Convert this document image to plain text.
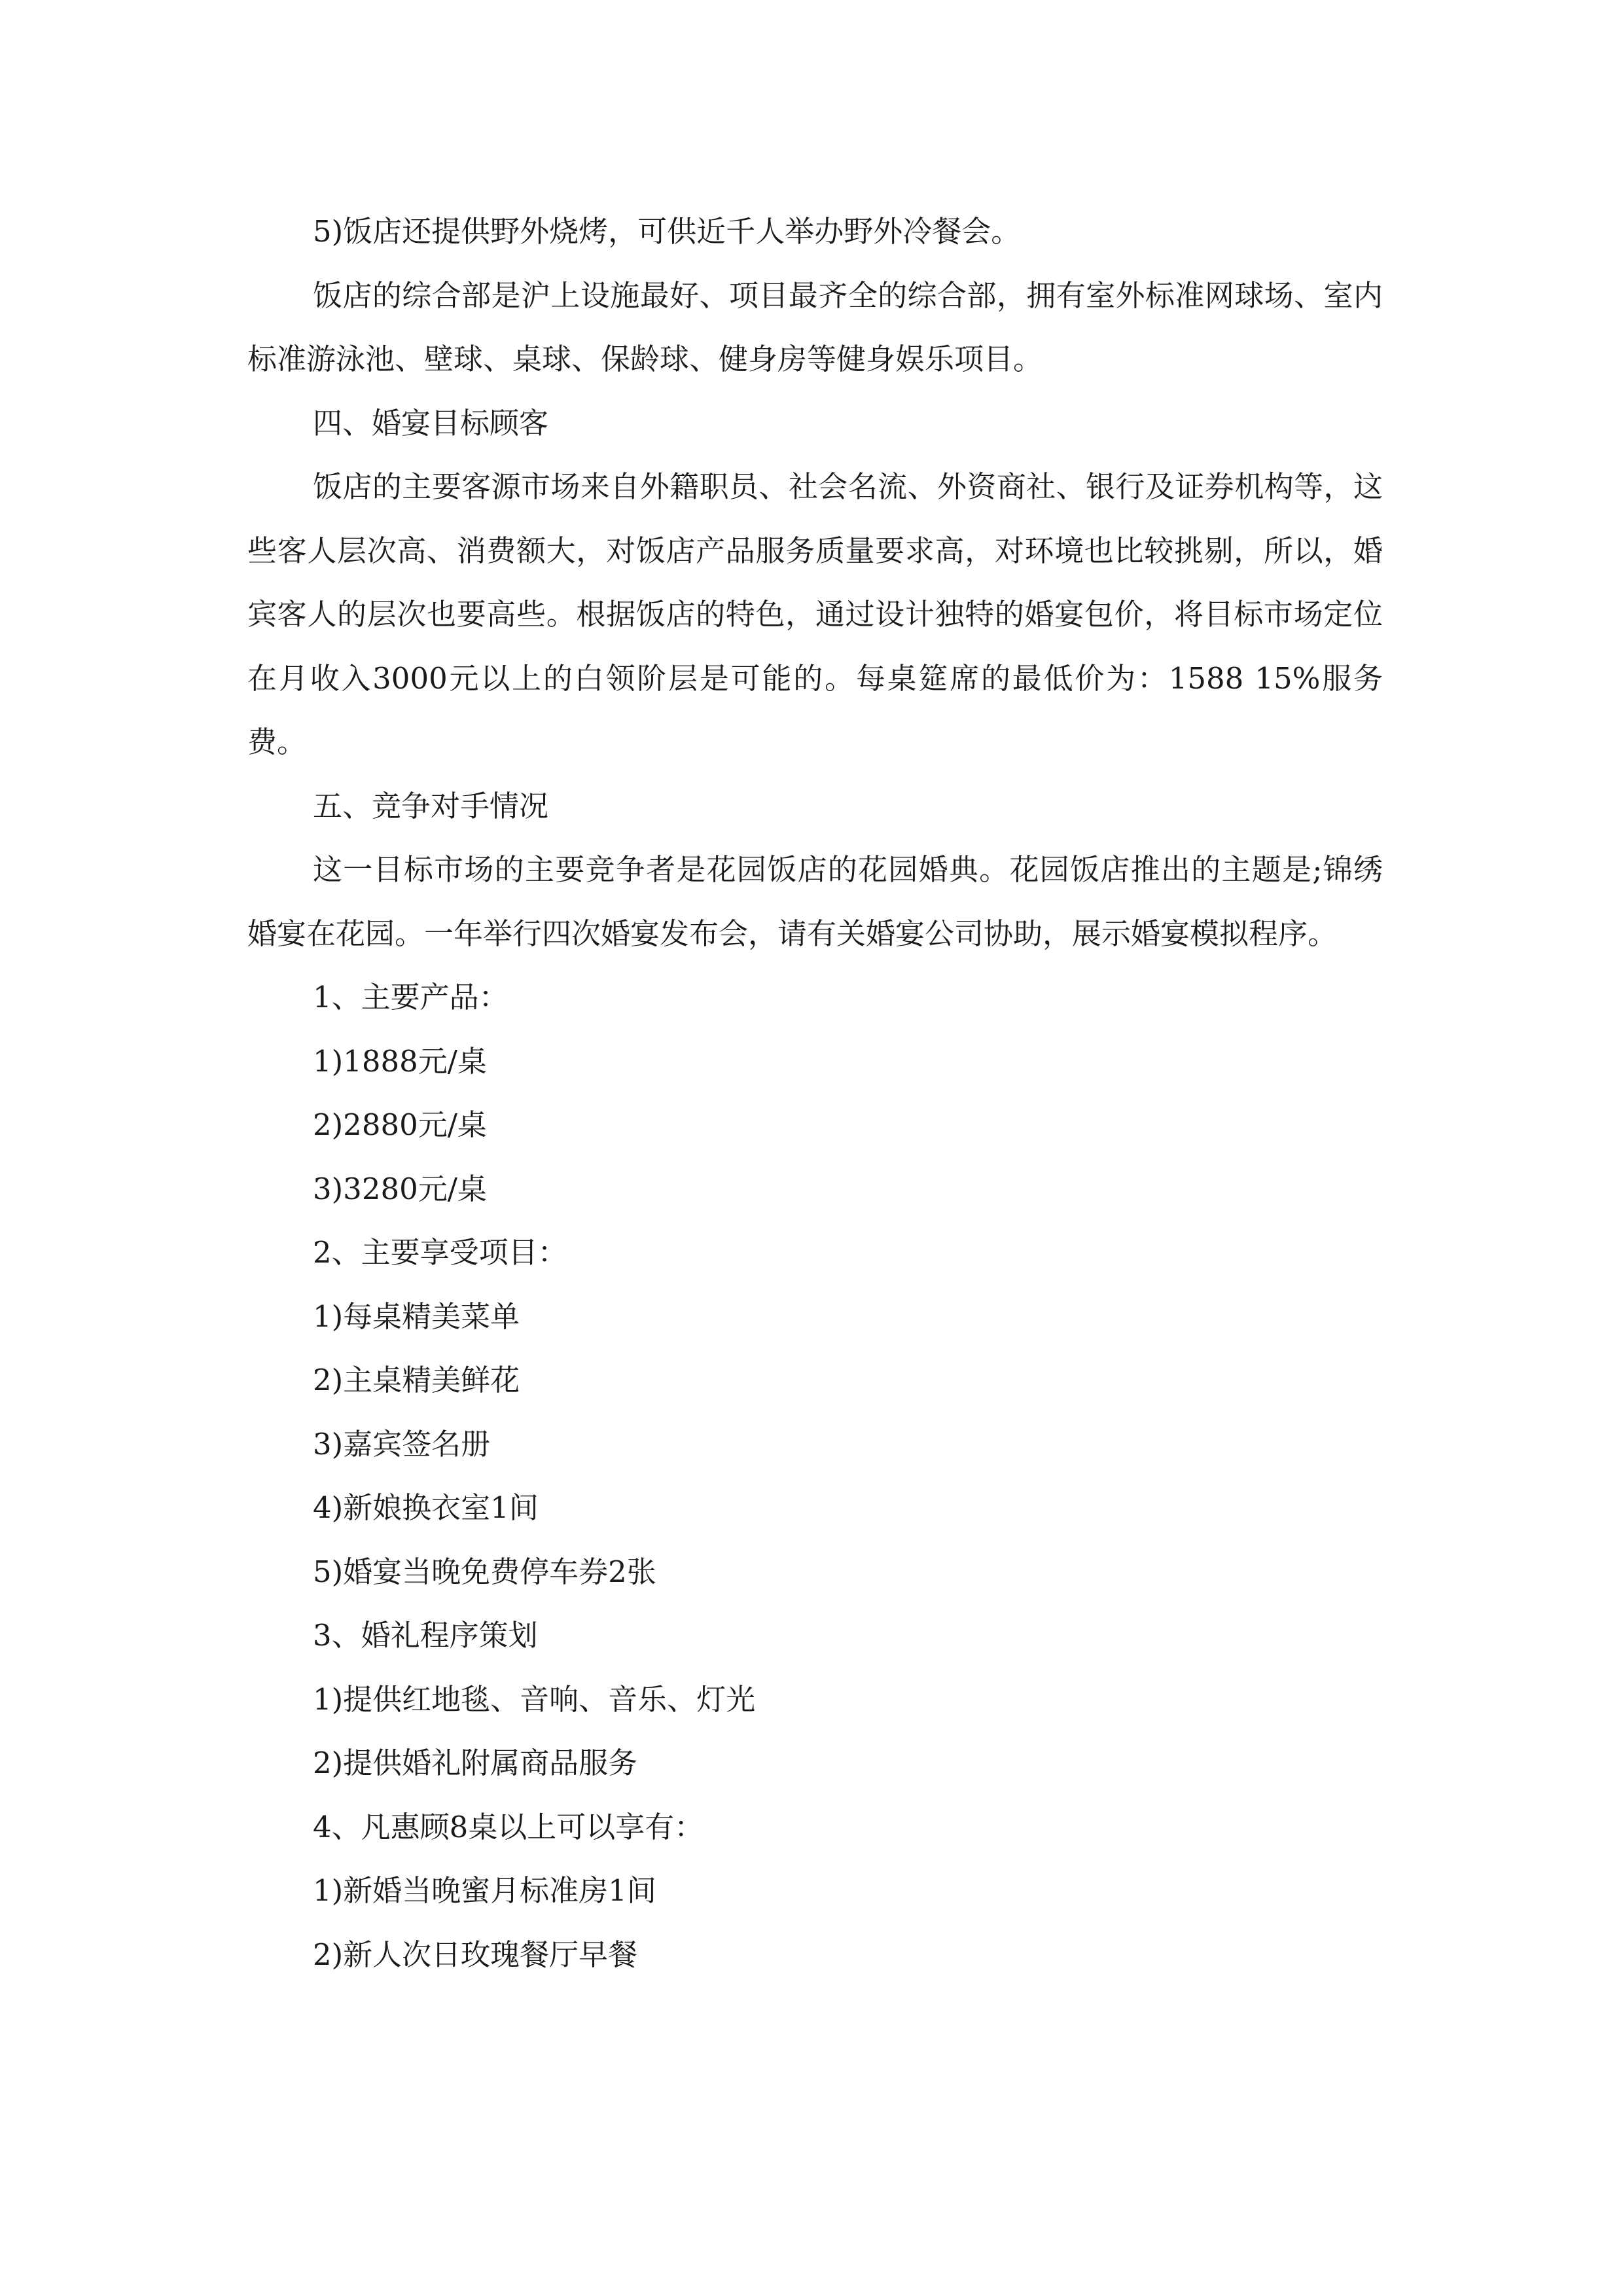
5)饭店还提供野外烧烤，可供近千人举办野外冷餐会。

饭店的综合部是沪上设施最好、项目最齐全的综合部，拥有室外标准网球场、室内标准游泳池、壁球、桌球、保龄球、健身房等健身娱乐项目。

四、婚宴目标顾客

饭店的主要客源市场来自外籍职员、社会名流、外资商社、银行及证券机构等，这些客人层次高、消费额大，对饭店产品服务质量要求高，对环境也比较挑剔，所以，婚宾客人的层次也要高些。根据饭店的特色，通过设计独特的婚宴包价，将目标市场定位在月收入3000元以上的白领阶层是可能的。每桌筵席的最低价为：1588 15%服务费。

五、竞争对手情况

这一目标市场的主要竞争者是花园饭店的花园婚典。花园饭店推出的主题是;锦绣婚宴在花园。一年举行四次婚宴发布会，请有关婚宴公司协助，展示婚宴模拟程序。

1、主要产品：

1)1888元/桌

2)2880元/桌

3)3280元/桌

2、主要享受项目：

1)每桌精美菜单

2)主桌精美鲜花

3)嘉宾签名册

4)新娘换衣室1间

5)婚宴当晚免费停车券2张

3、婚礼程序策划

1)提供红地毯、音响、音乐、灯光

2)提供婚礼附属商品服务

4、凡惠顾8桌以上可以享有：

1)新婚当晚蜜月标准房1间

2)新人次日玫瑰餐厅早餐
